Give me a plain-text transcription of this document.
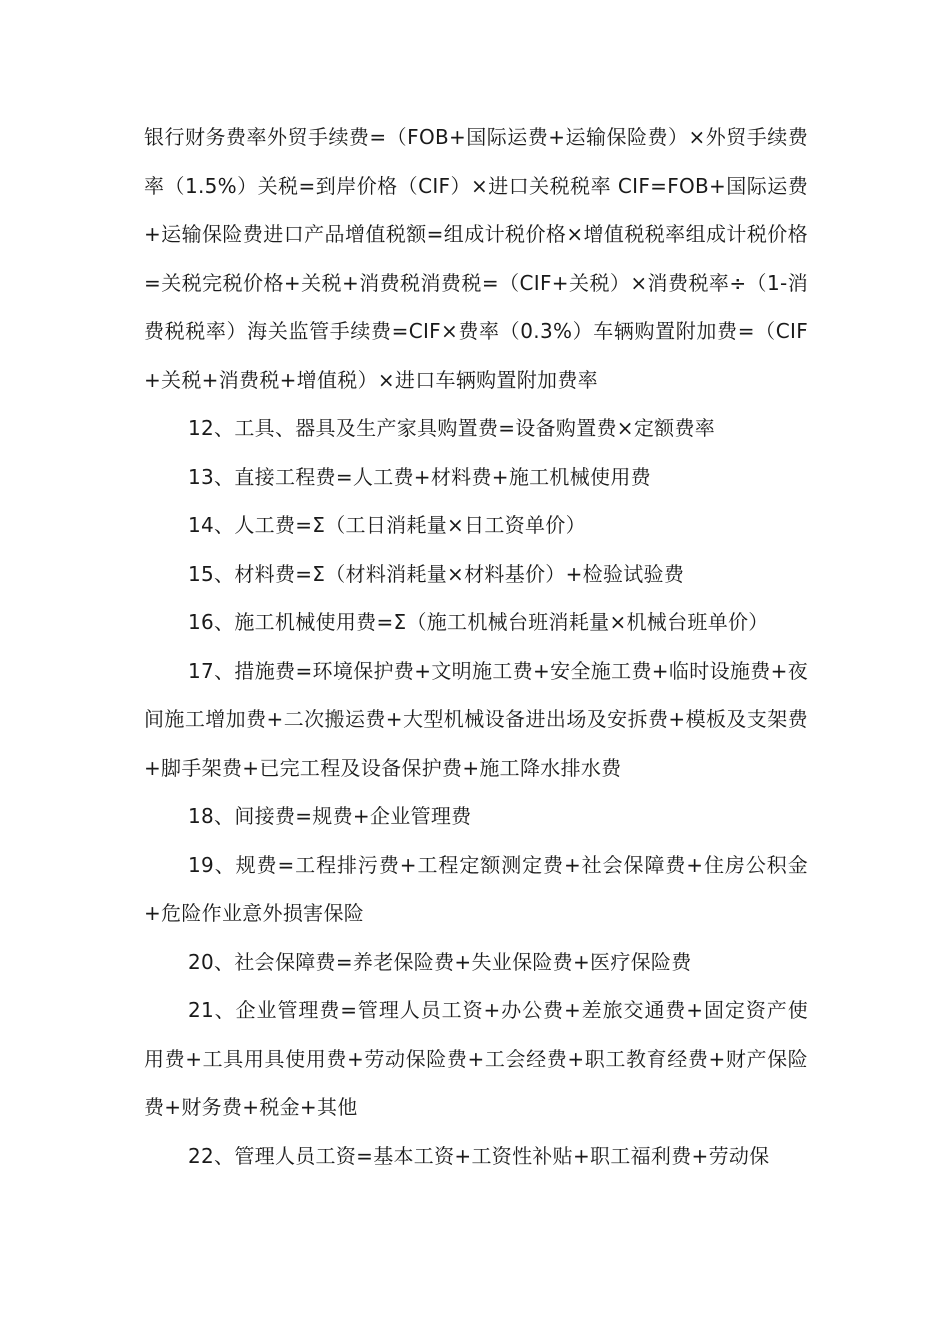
银行财务费率外贸手续费=（FOB+国际运费+运输保险费）×外贸手续费率（1.5%）关税=到岸价格（CIF）×进口关税税率 CIF=FOB+国际运费+运输保险费进口产品增值税额=组成计税价格×增值税税率组成计税价格=关税完税价格+关税+消费税消费税=（CIF+关税）×消费税率÷（1-消费税税率）海关监管手续费=CIF×费率（0.3%）车辆购置附加费=（CIF+关税+消费税+增值税）×进口车辆购置附加费率

12、工具、器具及生产家具购置费=设备购置费×定额费率

13、直接工程费=人工费+材料费+施工机械使用费

14、人工费=Σ（工日消耗量×日工资单价）

15、材料费=Σ（材料消耗量×材料基价）+检验试验费

16、施工机械使用费=Σ（施工机械台班消耗量×机械台班单价）

17、措施费=环境保护费+文明施工费+安全施工费+临时设施费+夜间施工增加费+二次搬运费+大型机械设备进出场及安拆费+模板及支架费+脚手架费+已完工程及设备保护费+施工降水排水费

18、间接费=规费+企业管理费

19、规费=工程排污费+工程定额测定费+社会保障费+住房公积金+危险作业意外损害保险

20、社会保障费=养老保险费+失业保险费+医疗保险费

21、企业管理费=管理人员工资+办公费+差旅交通费+固定资产使用费+工具用具使用费+劳动保险费+工会经费+职工教育经费+财产保险费+财务费+税金+其他

22、管理人员工资=基本工资+工资性补贴+职工福利费+劳动保
